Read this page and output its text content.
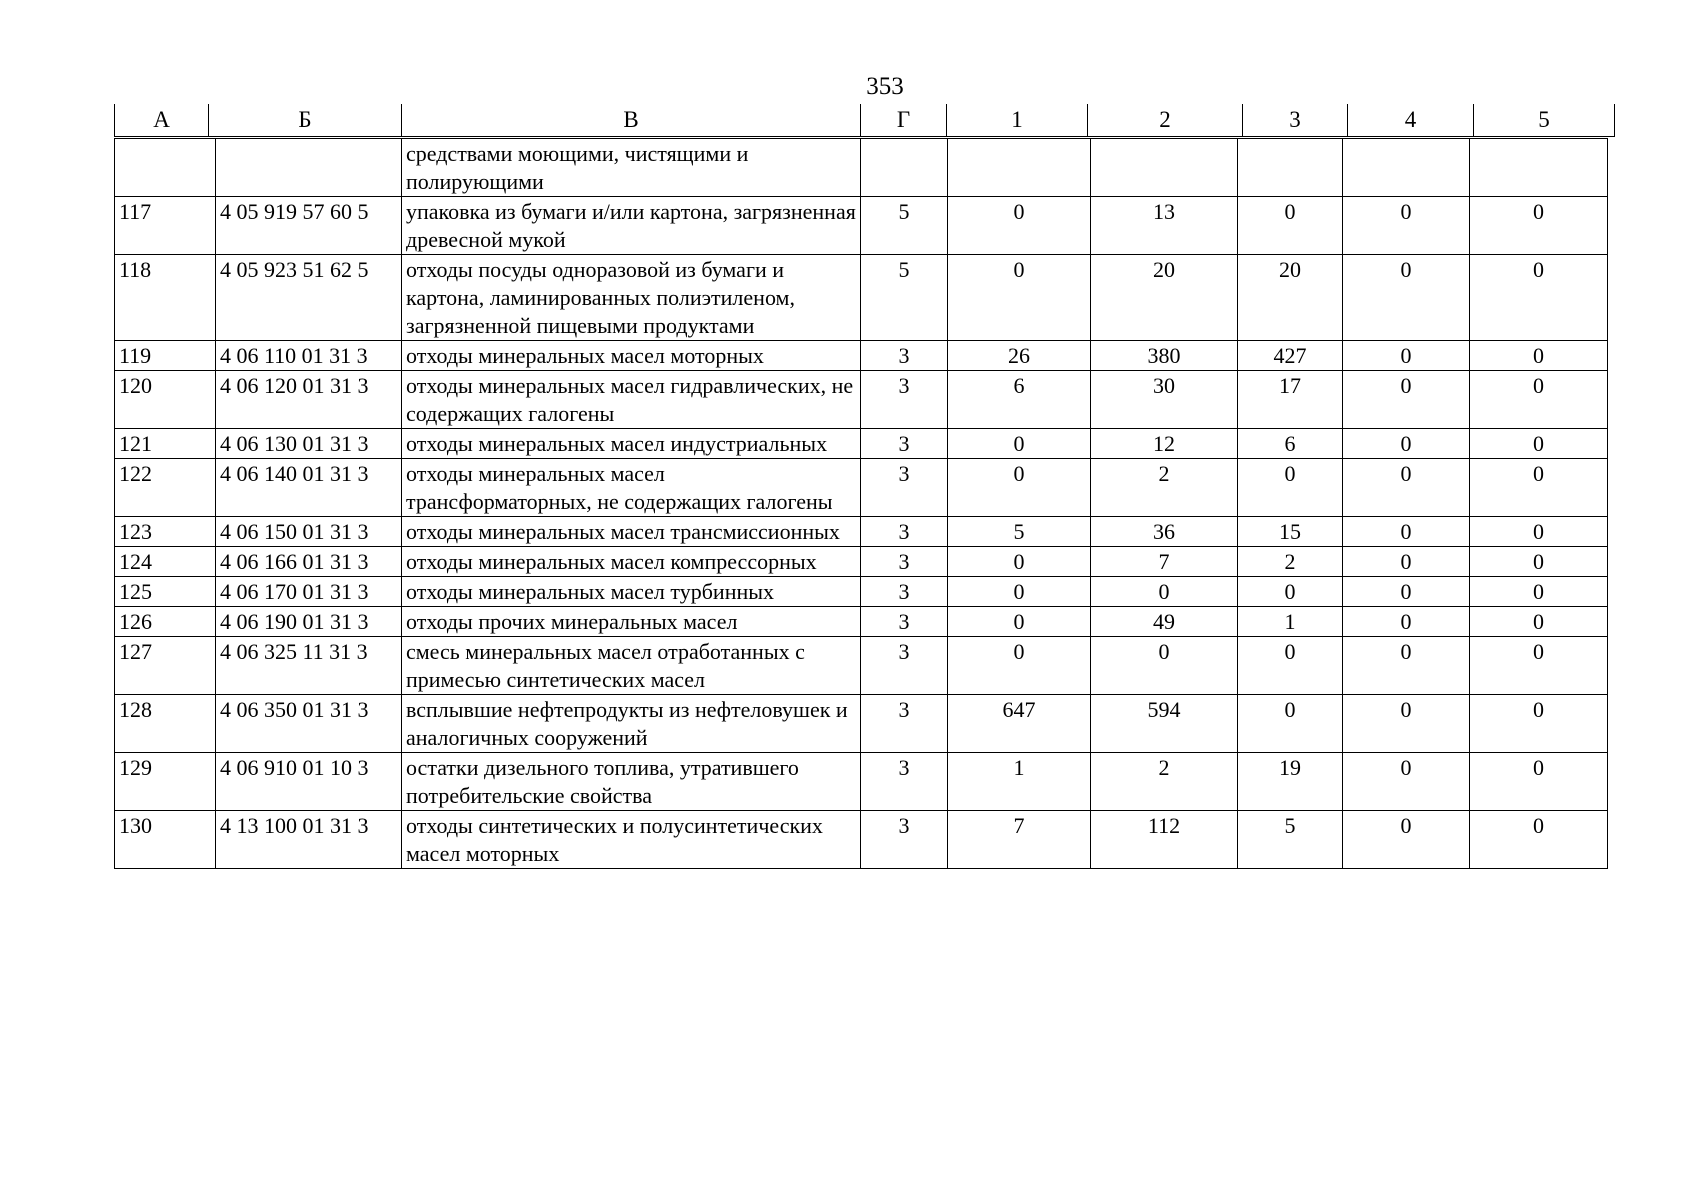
353
А	Б	В	Г	1	2	3	4	5
		средствами моющими, чистящими и полирующими						
117	4 05 919 57 60 5	упаковка из бумаги и/или картона, загрязненная древесной мукой	5	0	13	0	0	0
118	4 05 923 51 62 5	отходы посуды одноразовой из бумаги и картона, ламинированных полиэтиленом, загрязненной пищевыми продуктами	5	0	20	20	0	0
119	4 06 110 01 31 3	отходы минеральных масел моторных	3	26	380	427	0	0
120	4 06 120 01 31 3	отходы минеральных масел гидравлических, не содержащих галогены	3	6	30	17	0	0
121	4 06 130 01 31 3	отходы минеральных масел индустриальных	3	0	12	6	0	0
122	4 06 140 01 31 3	отходы минеральных масел трансформаторных, не содержащих галогены	3	0	2	0	0	0
123	4 06 150 01 31 3	отходы минеральных масел трансмиссионных	3	5	36	15	0	0
124	4 06 166 01 31 3	отходы минеральных масел компрессорных	3	0	7	2	0	0
125	4 06 170 01 31 3	отходы минеральных масел турбинных	3	0	0	0	0	0
126	4 06 190 01 31 3	отходы прочих минеральных масел	3	0	49	1	0	0
127	4 06 325 11 31 3	смесь минеральных масел отработанных с примесью синтетических масел	3	0	0	0	0	0
128	4 06 350 01 31 3	всплывшие нефтепродукты из нефтеловушек и аналогичных сооружений	3	647	594	0	0	0
129	4 06 910 01 10 3	остатки дизельного топлива, утратившего потребительские свойства	3	1	2	19	0	0
130	4 13 100 01 31 3	отходы синтетических и полусинтетических масел моторных	3	7	112	5	0	0
